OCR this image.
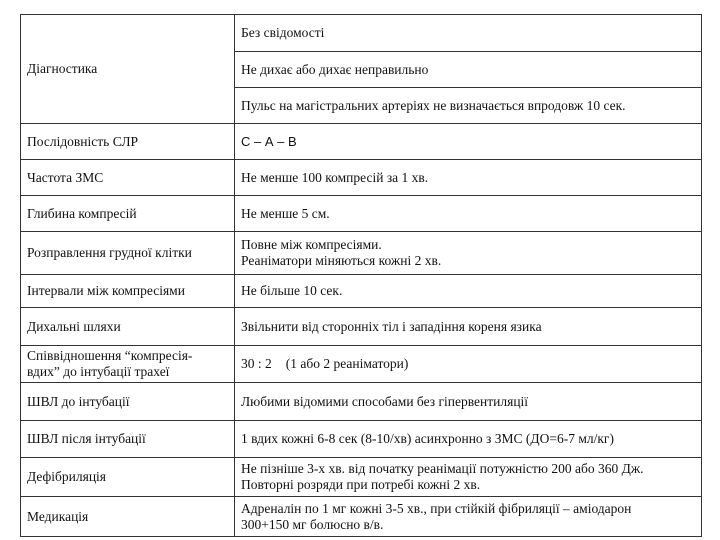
Діагностика	Без свідомості

	Не дихає або дихає неправильно

	Пульс на магістральних артеріях не визначається впродовж 10 сек.

Послідовність СЛР	С – А – В

Частота ЗМС	Не менше 100 компресій за 1 хв.

Глибина компресій	Не менше 5 см.

Розправлення грудної клітки	Повне між компресіями.
Реаніматори міняються кожні 2 хв.

Інтервали між компресіями	Не більше 10 сек.

Дихальні шляхи	Звільнити від сторонніх тіл і западіння кореня язика

Співвідношення “компресія-
вдих” до інтубації трахеї	30 : 2 (1 або 2 реаніматори)

ШВЛ до інтубації	Любими відомими способами без гіпервентиляції

ШВЛ після інтубації	1 вдих кожні 6-8 сек (8-10/хв) асинхронно з ЗМС (ДО=6-7 мл/кг)

Дефібриляція	Не пізніше 3-х хв. від початку реанімації потужністю 200 або 360 Дж.
Повторні розряди при потребі кожні 2 хв.

Медикація	Адреналін по 1 мг кожні 3-5 хв., при стійкій фібриляції – аміодарон
300+150 мг болюсно в/в.
